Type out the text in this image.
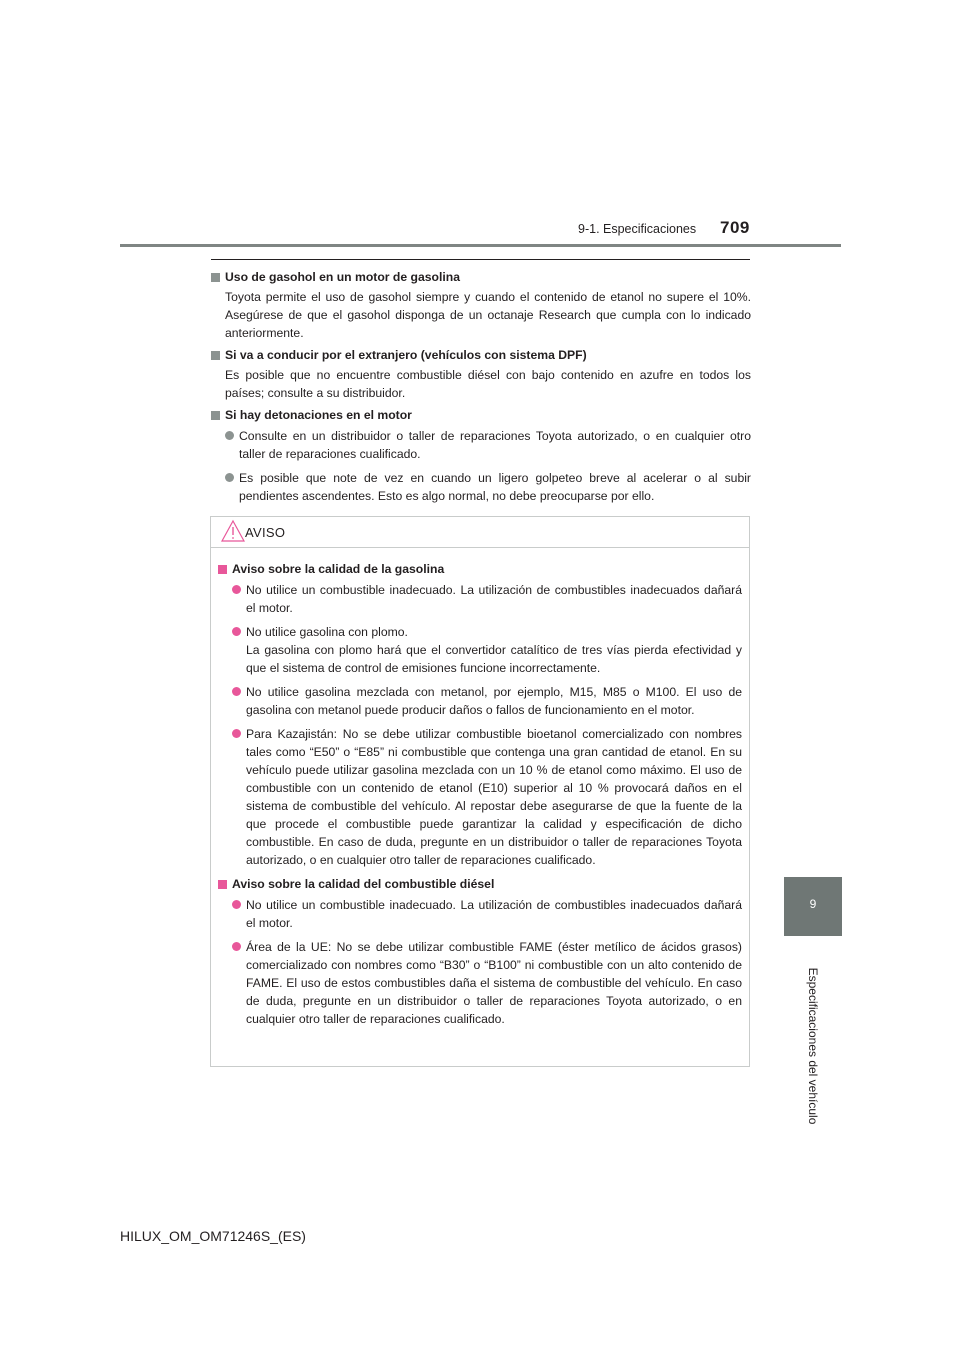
9-1. Especificaciones 709
9
Especificaciones del vehículo

Uso de gasohol en un motor de gasolina

Toyota permite el uso de gasohol siempre y cuando el contenido de etanol no supere el 10%. Asegúrese de que el gasohol disponga de un octanaje Research que cumpla con lo indicado anteriormente.

Si va a conducir por el extranjero (vehículos con sistema DPF)

Es posible que no encuentre combustible diésel con bajo contenido en azufre en todos los países; consulte a su distribuidor.

Si hay detonaciones en el motor

Consulte en un distribuidor o taller de reparaciones Toyota autorizado, o en cualquier otro taller de reparaciones cualificado.
Es posible que note de vez en cuando un ligero golpeteo breve al acelerar o al subir pendientes ascendentes. Esto es algo normal, no debe preocuparse por ello.
AVISO

Aviso sobre la calidad de la gasolina

No utilice un combustible inadecuado. La utilización de combustibles inadecuados dañará el motor.
No utilice gasolina con plomo.
La gasolina con plomo hará que el convertidor catalítico de tres vías pierda efectividad y que el sistema de control de emisiones funcione incorrectamente.
No utilice gasolina mezclada con metanol, por ejemplo, M15, M85 o M100. El uso de gasolina con metanol puede producir daños o fallos de funcionamiento en el motor.
Para Kazajistán: No se debe utilizar combustible bioetanol comercializado con nombres tales como “E50” o “E85” ni combustible que contenga una gran cantidad de etanol. En su vehículo puede utilizar gasolina mezclada con un 10 % de etanol como máximo. El uso de combustible con un contenido de etanol (E10) superior al 10 % provocará daños en el sistema de combustible del vehículo. Al repostar debe asegurarse de que la fuente de la que procede el combustible puede garantizar la calidad y especificación de dicho combustible. En caso de duda, pregunte en un distribuidor o taller de reparaciones Toyota autorizado, o en cualquier otro taller de reparaciones cualificado.

Aviso sobre la calidad del combustible diésel

No utilice un combustible inadecuado. La utilización de combustibles inadecuados dañará el motor.
Área de la UE: No se debe utilizar combustible FAME (éster metílico de ácidos grasos) comercializado con nombres como “B30” o “B100” ni combustible con un alto contenido de FAME. El uso de estos combustibles daña el sistema de combustible del vehículo. En caso de duda, pregunte en un distribuidor o taller de reparaciones Toyota autorizado, o en cualquier otro taller de reparaciones cualificado.
HILUX_OM_OM71246S_(ES)
